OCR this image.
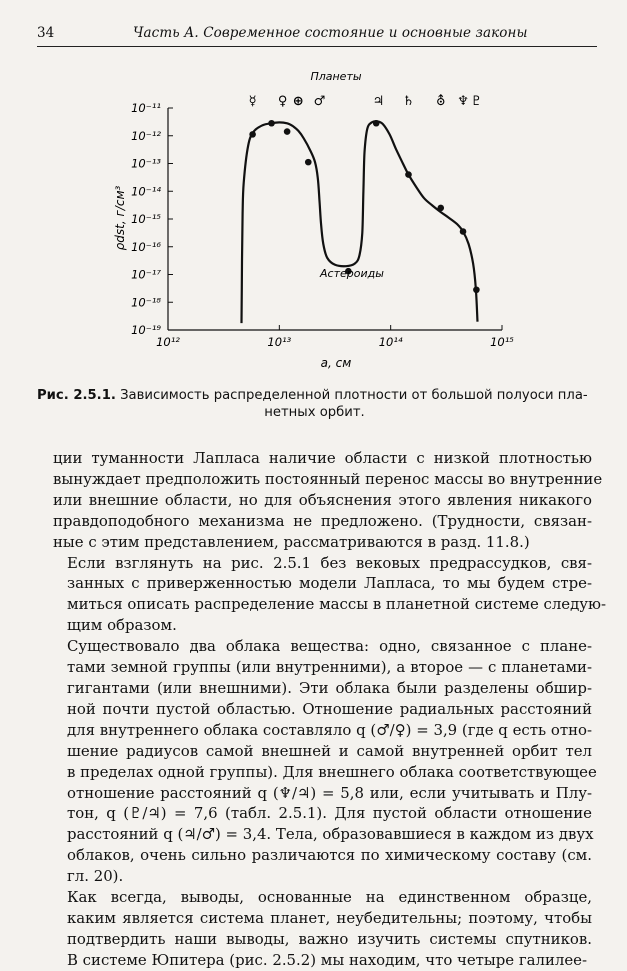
34	Часть А. Современное состояние и основные законы
10⁻¹¹
10⁻¹²
10⁻¹³
10⁻¹⁴
10⁻¹⁵
10⁻¹⁶
10⁻¹⁷
10⁻¹⁸
10⁻¹⁹
10¹²	10¹³	10¹⁴	10¹⁵
☿ ♀ ⊕ ♂	♃ ♄ ⛢ ♆ ♇
Планеты
a, см
ρdst, г/см³
Астероиды
Рис. 2.5.1. Зависимость распределенной плотности от большой полуоси пла-
нетных орбит.

ции туманности Лапласа наличие области с низкой плотностью
вынуждает предположить постоянный перенос массы во внутренние
или внешние области, но для объяснения этого явления никакого
правдоподобного механизма не предложено. (Трудности, связан-
ные с этим представлением, рассматриваются в разд. 11.8.)

Если взглянуть на рис. 2.5.1 без вековых предрассудков, свя-
занных с приверженностью модели Лапласа, то мы будем стре-
миться описать распределение массы в планетной системе следую-
щим образом.

Существовало два облака вещества: одно, связанное с планe-
тами земной группы (или внутренними), а второе — с планетами-
гигантами (или внешними). Эти облака были разделены обшир-
ной почти пустой областью. Отношение радиальных расстояний
для внутреннего облака составляло q (♂/♀) = 3,9 (где q есть отно-
шение радиусов самой внешней и самой внутренней орбит тел
в пределах одной группы). Для внешнего облака соответствующее
отношение расстояний q (♆/♃) = 5,8 или, если учитывать и Плу-
тон, q (♇/♃) = 7,6 (табл. 2.5.1). Для пустой области отношение
расстояний q (♃/♂) = 3,4. Тела, образовавшиеся в каждом из двух
облаков, очень сильно различаются по химическому составу (см.
гл. 20).

Как всегда, выводы, основанные на единственном образце,
каким является система планет, неубедительны; поэтому, чтобы
подтвердить наши выводы, важно изучить системы спутников.
В системе Юпитера (рис. 2.5.2) мы находим, что четыре галилее-
